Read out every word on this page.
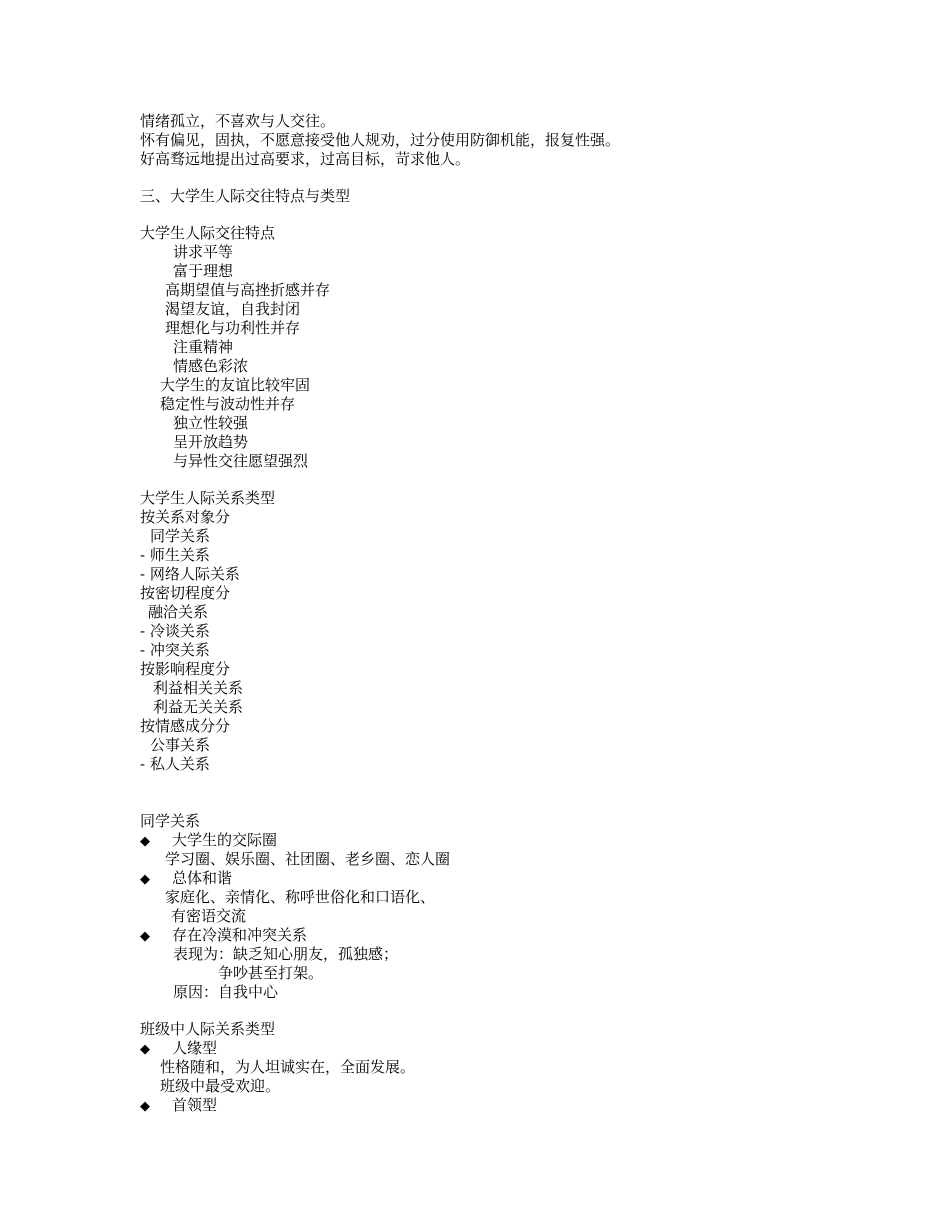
情绪孤立，不喜欢与人交往。
怀有偏见，固执，不愿意接受他人规劝，过分使用防御机能，报复性强。
好高骛远地提出过高要求，过高目标，苛求他人。
三、大学生人际交往特点与类型
大学生人际交往特点
讲求平等
富于理想
高期望值与高挫折感并存
渴望友谊，自我封闭
理想化与功利性并存
注重精神
情感色彩浓
大学生的友谊比较牢固
稳定性与波动性并存
独立性较强
呈开放趋势
与异性交往愿望强烈
大学生人际关系类型
按关系对象分
同学关系
- 师生关系
- 网络人际关系
按密切程度分
融洽关系
- 冷谈关系
- 冲突关系
按影响程度分
利益相关关系
利益无关关系
按情感成分分
公事关系
- 私人关系
同学关系
◆ 大学生的交际圈
学习圈、娱乐圈、社团圈、老乡圈、恋人圈
◆ 总体和谐
家庭化、亲情化、称呼世俗化和口语化、
有密语交流
◆ 存在冷漠和冲突关系
表现为：缺乏知心朋友，孤独感；
争吵甚至打架。
原因：自我中心
班级中人际关系类型
◆ 人缘型
性格随和，为人坦诚实在，全面发展。
班级中最受欢迎。
◆ 首领型
